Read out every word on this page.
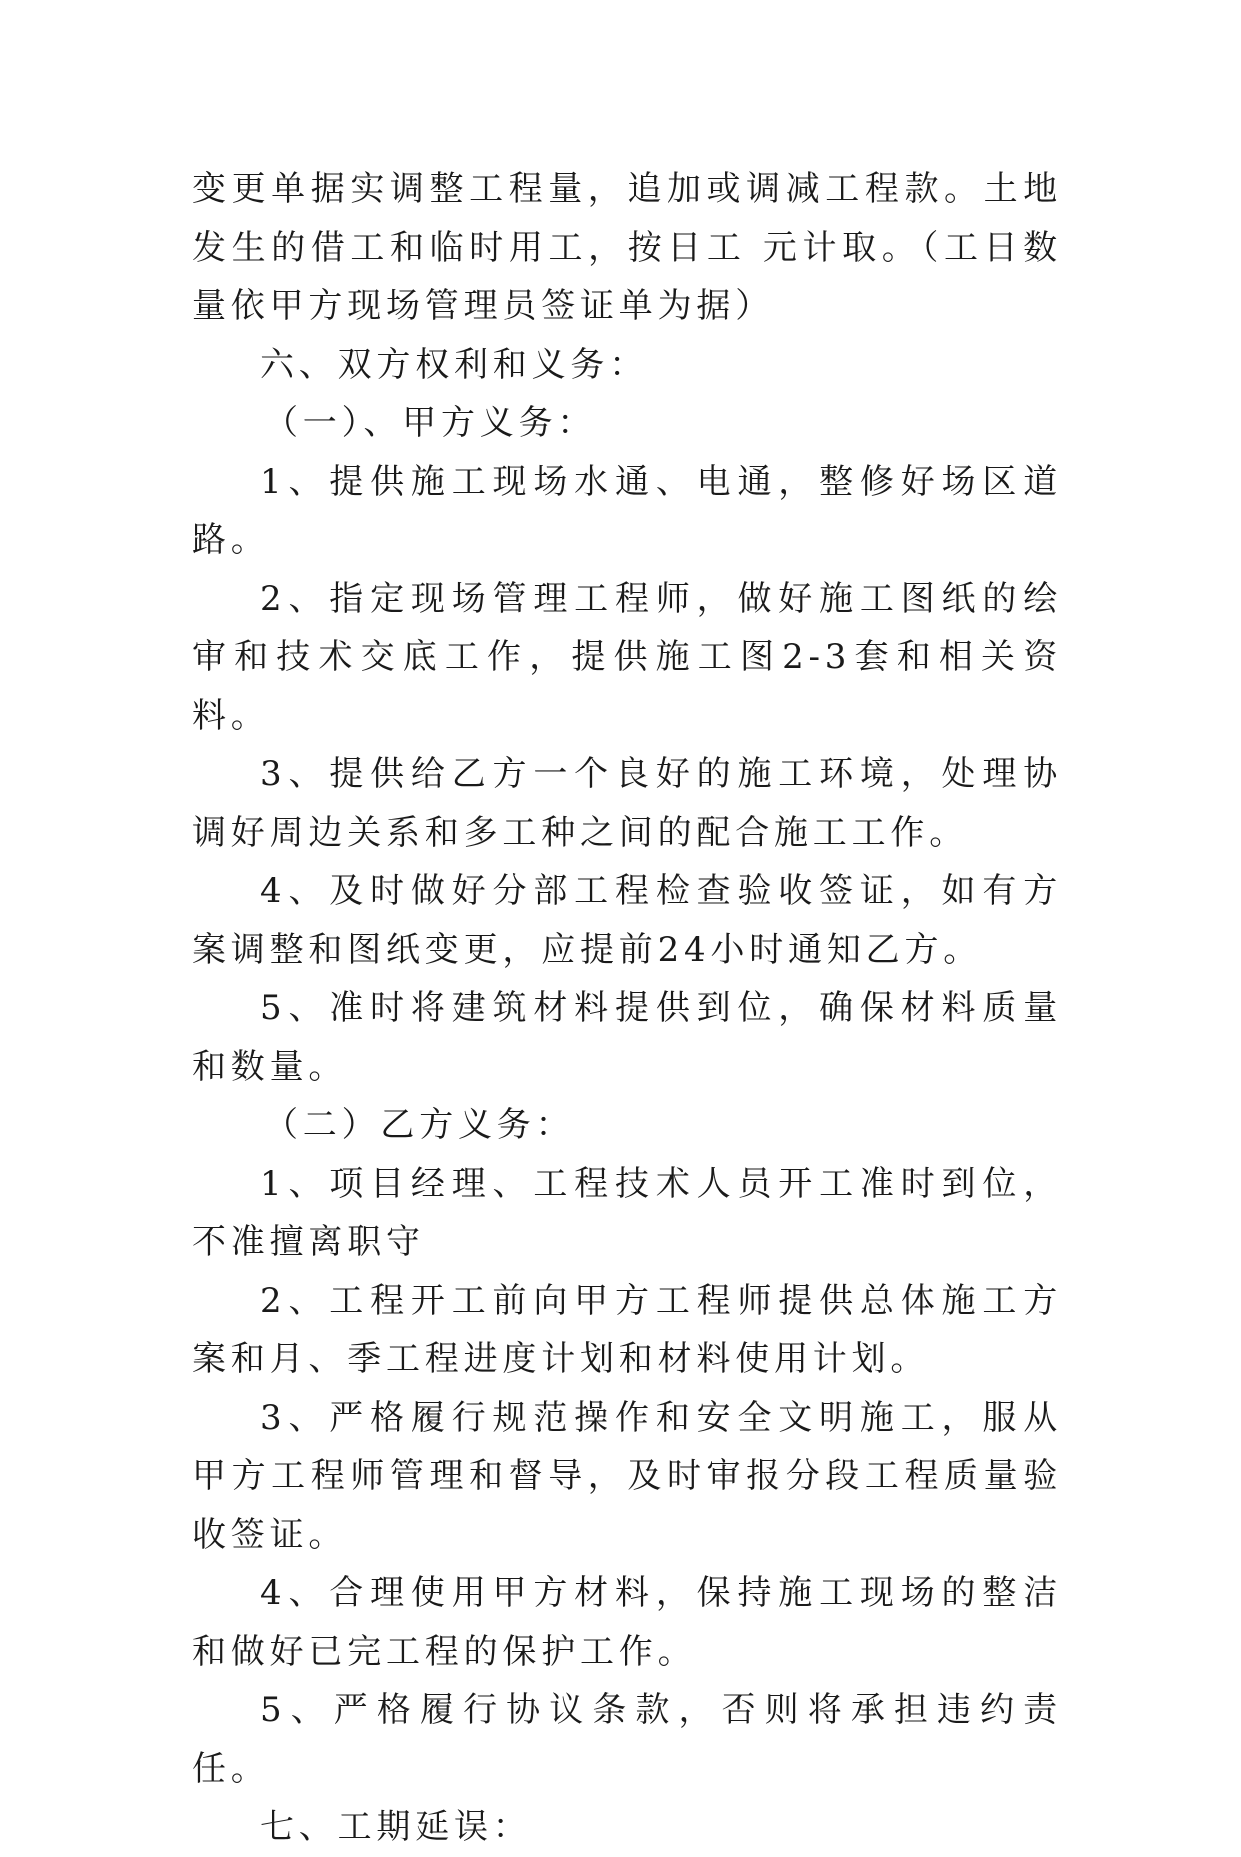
变更单据实调整工程量，追加或调减工程款。土地发生的借工和临时用工，按日工 元计取。（工日数量依甲方现场管理员签证单为据）

六、双方权利和义务：

（一）、甲方义务：

1、提供施工现场水通、电通，整修好场区道路。

2、指定现场管理工程师，做好施工图纸的绘审和技术交底工作，提供施工图2-3套和相关资料。

3、提供给乙方一个良好的施工环境，处理协调好周边关系和多工种之间的配合施工工作。

4、及时做好分部工程检查验收签证，如有方案调整和图纸变更，应提前24小时通知乙方。

5、准时将建筑材料提供到位，确保材料质量和数量。

（二）乙方义务：

1、项目经理、工程技术人员开工准时到位，不准擅离职守

2、工程开工前向甲方工程师提供总体施工方案和月、季工程进度计划和材料使用计划。

3、严格履行规范操作和安全文明施工，服从甲方工程师管理和督导，及时审报分段工程质量验收签证。

4、合理使用甲方材料，保持施工现场的整洁和做好已完工程的保护工作。

5、严格履行协议条款，否则将承担违约责任。

七、工期延误：
